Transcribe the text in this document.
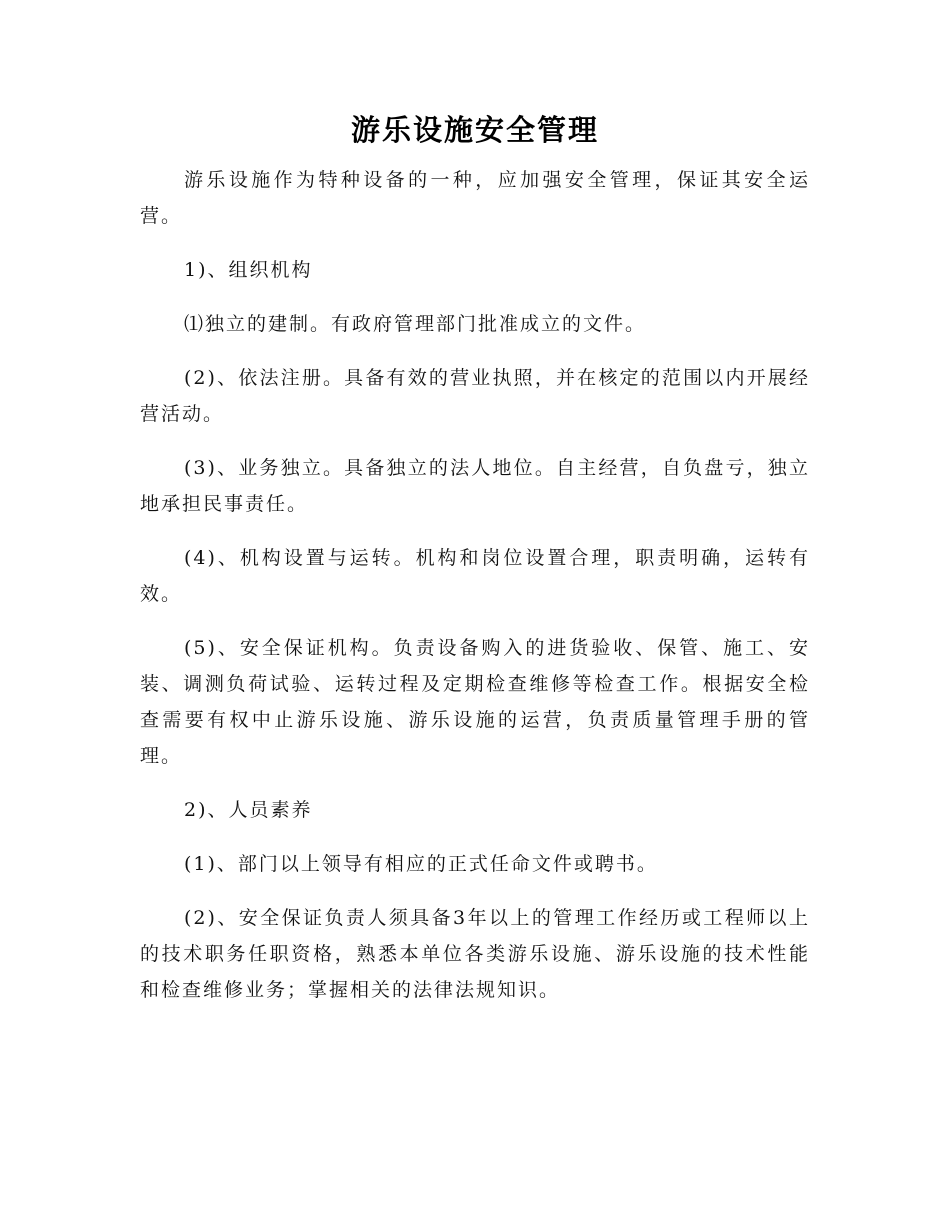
游乐设施安全管理

游乐设施作为特种设备的一种，应加强安全管理，保证其安全运营。

1)、组织机构

⑴独立的建制。有政府管理部门批准成立的文件。

(2)、依法注册。具备有效的营业执照，并在核定的范围以内开展经营活动。

(3)、业务独立。具备独立的法人地位。自主经营，自负盘亏，独立地承担民事责任。

(4)、机构设置与运转。机构和岗位设置合理，职责明确，运转有效。

(5)、安全保证机构。负责设备购入的进货验收、保管、施工、安装、调测负荷试验、运转过程及定期检查维修等检查工作。根据安全检查需要有权中止游乐设施、游乐设施的运营，负责质量管理手册的管理。

2)、人员素养

(1)、部门以上领导有相应的正式任命文件或聘书。

(2)、安全保证负责人须具备3年以上的管理工作经历或工程师以上的技术职务任职资格，熟悉本单位各类游乐设施、游乐设施的技术性能和检查维修业务；掌握相关的法律法规知识。
